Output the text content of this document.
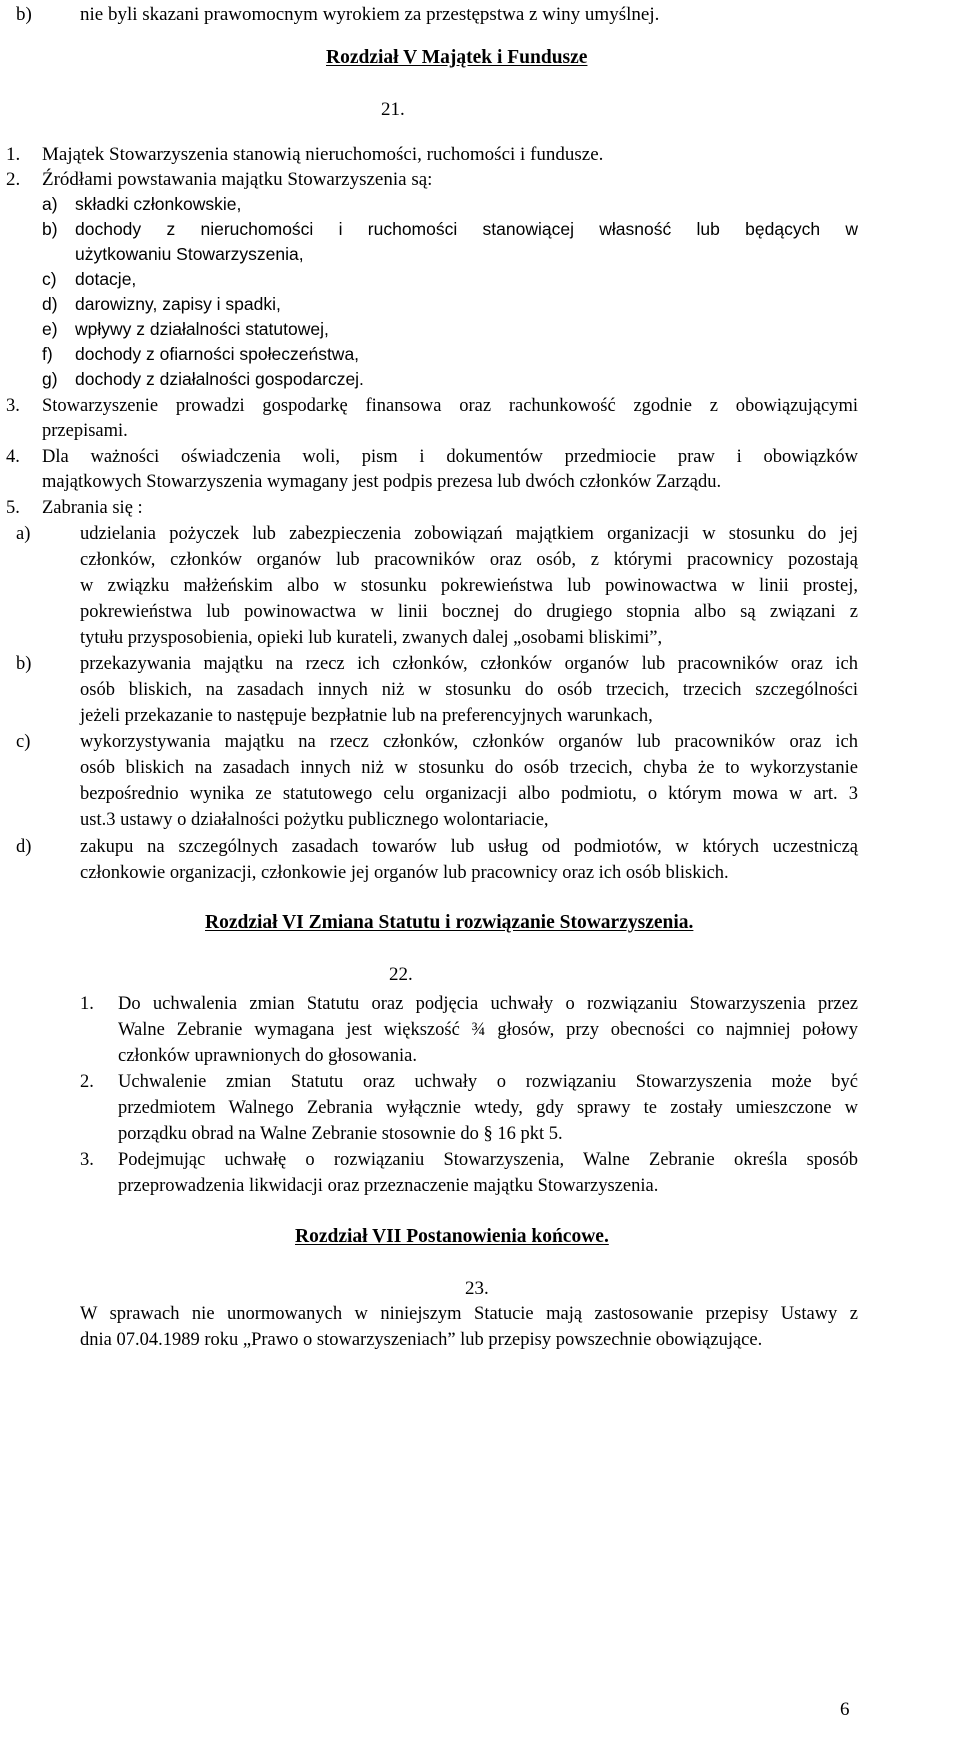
b)	nie byli skazani prawomocnym wyrokiem za przestępstwa z winy umyślnej.
Rozdział V Majątek i Fundusze
21.
1. Majątek Stowarzyszenia stanowią nieruchomości, ruchomości i fundusze.
2. Źródłami powstawania majątku Stowarzyszenia są:
a) składki członkowskie,
b) dochody z nieruchomości i ruchomości stanowiącej własność lub będących w
użytkowaniu Stowarzyszenia,
c) dotacje,
d) darowizny, zapisy i spadki,
e) wpływy z działalności statutowej,
f) dochody z ofiarności społeczeństwa,
g) dochody z działalności gospodarczej.
3. Stowarzyszenie prowadzi gospodarkę finansowa oraz rachunkowość zgodnie z obowiązującymi
przepisami.
4. Dla ważności oświadczenia woli, pism i dokumentów przedmiocie praw i obowiązków
majątkowych Stowarzyszenia wymagany jest podpis prezesa lub dwóch członków Zarządu.
5. Zabrania się :
a)	udzielania pożyczek lub zabezpieczenia zobowiązań majątkiem organizacji w stosunku do jej
członków, członków organów lub pracowników oraz osób, z którymi pracownicy pozostają
w związku małżeńskim albo w stosunku pokrewieństwa lub powinowactwa w linii prostej,
pokrewieństwa lub powinowactwa w linii bocznej do drugiego stopnia albo są związani z
tytułu przysposobienia, opieki lub kurateli, zwanych dalej „osobami bliskimi”,
b)	przekazywania majątku na rzecz ich członków, członków organów lub pracowników oraz ich
osób bliskich, na zasadach innych niż w stosunku do osób trzecich, trzecich szczególności
jeżeli przekazanie to następuje bezpłatnie lub na preferencyjnych warunkach,
c)	wykorzystywania majątku na rzecz członków, członków organów lub pracowników oraz ich
osób bliskich na zasadach innych niż w stosunku do osób trzecich, chyba że to wykorzystanie
bezpośrednio wynika ze statutowego celu organizacji albo podmiotu, o którym mowa w art. 3
ust.3 ustawy o działalności pożytku publicznego wolontariacie,
d)	zakupu na szczególnych zasadach towarów lub usług od podmiotów, w których uczestniczą
członkowie organizacji, członkowie jej organów lub pracownicy oraz ich osób bliskich.
Rozdział VI Zmiana Statutu i rozwiązanie Stowarzyszenia.
22.
1. Do uchwalenia zmian Statutu oraz podjęcia uchwały o rozwiązaniu Stowarzyszenia przez
Walne Zebranie wymagana jest większość ¾ głosów, przy obecności co najmniej połowy
członków uprawnionych do głosowania.
2. Uchwalenie zmian Statutu oraz uchwały o rozwiązaniu Stowarzyszenia może być
przedmiotem Walnego Zebrania wyłącznie wtedy, gdy sprawy te zostały umieszczone w
porządku obrad na Walne Zebranie stosownie do § 16 pkt 5.
3. Podejmując uchwałę o rozwiązaniu Stowarzyszenia, Walne Zebranie określa sposób
przeprowadzenia likwidacji oraz przeznaczenie majątku Stowarzyszenia.
Rozdział VII Postanowienia końcowe.
23.
W sprawach nie unormowanych w niniejszym Statucie mają zastosowanie przepisy Ustawy z
dnia 07.04.1989 roku „Prawo o stowarzyszeniach” lub przepisy powszechnie obowiązujące.
6
